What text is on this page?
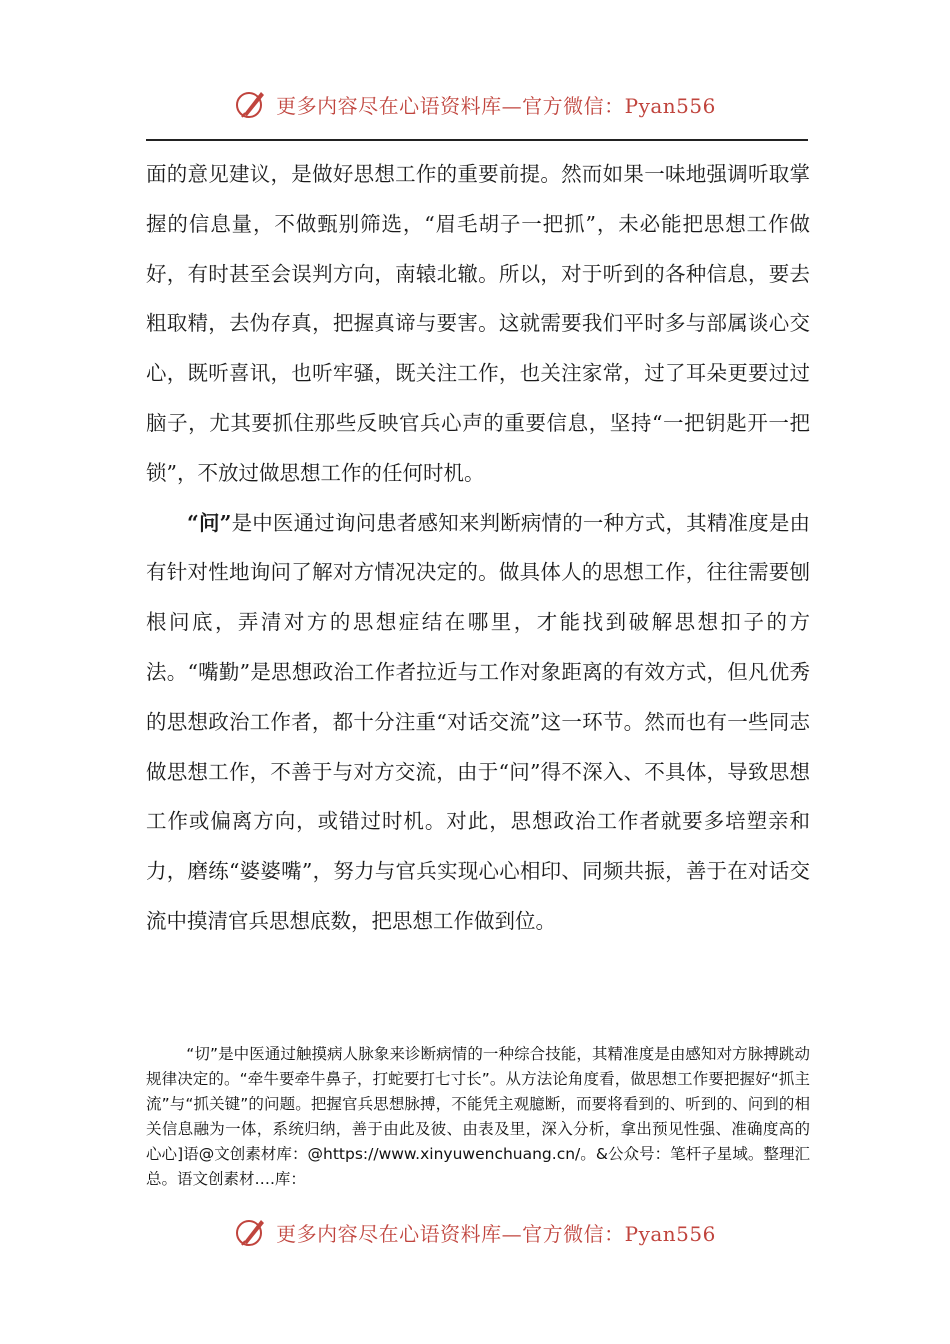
更多内容尽在心语资料库—官方微信：Pyan556

面的意见建议，是做好思想工作的重要前提。然而如果一味地强调听取掌握的信息量，不做甄别筛选，“眉毛胡子一把抓”，未必能把思想工作做好，有时甚至会误判方向，南辕北辙。所以，对于听到的各种信息，要去粗取精，去伪存真，把握真谛与要害。这就需要我们平时多与部属谈心交心，既听喜讯，也听牢骚，既关注工作，也关注家常，过了耳朵更要过过脑子，尤其要抓住那些反映官兵心声的重要信息，坚持“一把钥匙开一把锁”，不放过做思想工作的任何时机。

“问”是中医通过询问患者感知来判断病情的一种方式，其精准度是由有针对性地询问了解对方情况决定的。做具体人的思想工作，往往需要刨根问底，弄清对方的思想症结在哪里，才能找到破解思想扣子的方法。“嘴勤”是思想政治工作者拉近与工作对象距离的有效方式，但凡优秀的思想政治工作者，都十分注重“对话交流”这一环节。然而也有一些同志做思想工作，不善于与对方交流，由于“问”得不深入、不具体，导致思想工作或偏离方向，或错过时机。对此，思想政治工作者就要多培塑亲和力，磨练“婆婆嘴”，努力与官兵实现心心相印、同频共振，善于在对话交流中摸清官兵思想底数，把思想工作做到位。

“切”是中医通过触摸病人脉象来诊断病情的一种综合技能，其精准度是由感知对方脉搏跳动规律决定的。“牵牛要牵牛鼻子，打蛇要打七寸长”。从方法论角度看，做思想工作要把握好“抓主流”与“抓关键”的问题。把握官兵思想脉搏，不能凭主观臆断，而要将看到的、听到的、问到的相关信息融为一体，系统归纳，善于由此及彼、由表及里，深入分析，拿出预见性强、准确度高的心心]语@文创素材库：@https://www.xinyuwenchuang.cn/。&公众号：笔杆子星域。整理汇总。语文创素材….库：

更多内容尽在心语资料库—官方微信：Pyan556
